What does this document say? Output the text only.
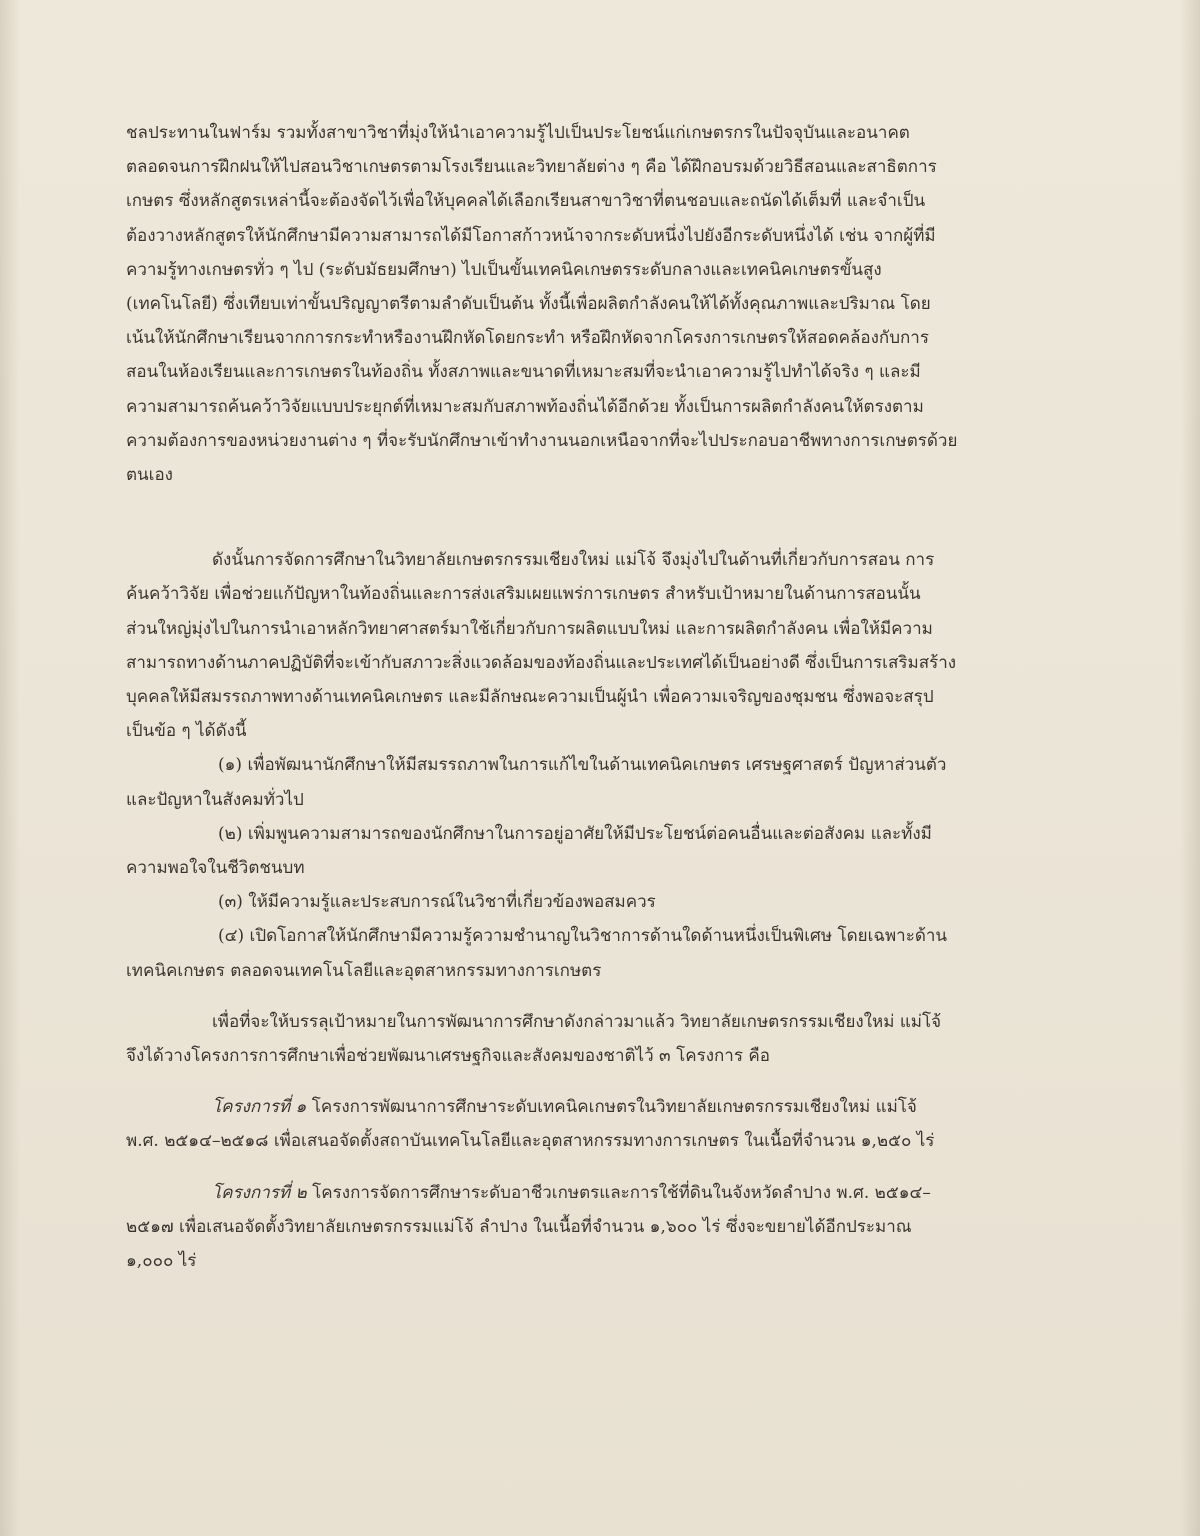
ชลประทานในฟาร์ม รวมทั้งสาขาวิชาที่มุ่งให้นำเอาความรู้ไปเป็นประโยชน์แก่เกษตรกรในปัจจุบันและอนาคต
ตลอดจนการฝึกฝนให้ไปสอนวิชาเกษตรตามโรงเรียนและวิทยาลัยต่าง ๆ คือ ได้ฝึกอบรมด้วยวิธีสอนและสาธิตการ
เกษตร ซึ่งหลักสูตรเหล่านี้จะต้องจัดไว้เพื่อให้บุคคลได้เลือกเรียนสาขาวิชาที่ตนชอบและถนัดได้เต็มที่ และจำเป็น
ต้องวางหลักสูตรให้นักศึกษามีความสามารถได้มีโอกาสก้าวหน้าจากระดับหนึ่งไปยังอีกระดับหนึ่งได้ เช่น จากผู้ที่มี
ความรู้ทางเกษตรทั่ว ๆ ไป (ระดับมัธยมศึกษา) ไปเป็นขั้นเทคนิคเกษตรระดับกลางและเทคนิคเกษตรขั้นสูง
(เทคโนโลยี) ซึ่งเทียบเท่าขั้นปริญญาตรีตามลำดับเป็นต้น ทั้งนี้เพื่อผลิตกำลังคนให้ได้ทั้งคุณภาพและปริมาณ โดย
เน้นให้นักศึกษาเรียนจากการกระทำหรืองานฝึกหัดโดยกระทำ หรือฝึกหัดจากโครงการเกษตรให้สอดคล้องกับการ
สอนในห้องเรียนและการเกษตรในท้องถิ่น ทั้งสภาพและขนาดที่เหมาะสมที่จะนำเอาความรู้ไปทำได้จริง ๆ และมี
ความสามารถค้นคว้าวิจัยแบบประยุกต์ที่เหมาะสมกับสภาพท้องถิ่นได้อีกด้วย ทั้งเป็นการผลิตกำลังคนให้ตรงตาม
ความต้องการของหน่วยงานต่าง ๆ ที่จะรับนักศึกษาเข้าทำงานนอกเหนือจากที่จะไปประกอบอาชีพทางการเกษตรด้วย
ตนเอง
ดังนั้นการจัดการศึกษาในวิทยาลัยเกษตรกรรมเชียงใหม่ แม่โจ้ จึงมุ่งไปในด้านที่เกี่ยวกับการสอน การ
ค้นคว้าวิจัย เพื่อช่วยแก้ปัญหาในท้องถิ่นและการส่งเสริมเผยแพร่การเกษตร สำหรับเป้าหมายในด้านการสอนนั้น
ส่วนใหญ่มุ่งไปในการนำเอาหลักวิทยาศาสตร์มาใช้เกี่ยวกับการผลิตแบบใหม่ และการผลิตกำลังคน เพื่อให้มีความ
สามารถทางด้านภาคปฏิบัติที่จะเข้ากับสภาวะสิ่งแวดล้อมของท้องถิ่นและประเทศได้เป็นอย่างดี ซึ่งเป็นการเสริมสร้าง
บุคคลให้มีสมรรถภาพทางด้านเทคนิคเกษตร และมีลักษณะความเป็นผู้นำ เพื่อความเจริญของชุมชน ซึ่งพอจะสรุป
เป็นข้อ ๆ ได้ดังนี้
(๑) เพื่อพัฒนานักศึกษาให้มีสมรรถภาพในการแก้ไขในด้านเทคนิคเกษตร เศรษฐศาสตร์ ปัญหาส่วนตัว
และปัญหาในสังคมทั่วไป
(๒) เพิ่มพูนความสามารถของนักศึกษาในการอยู่อาศัยให้มีประโยชน์ต่อคนอื่นและต่อสังคม และทั้งมี
ความพอใจในชีวิตชนบท
(๓) ให้มีความรู้และประสบการณ์ในวิชาที่เกี่ยวข้องพอสมควร
(๔) เปิดโอกาสให้นักศึกษามีความรู้ความชำนาญในวิชาการด้านใดด้านหนึ่งเป็นพิเศษ โดยเฉพาะด้าน
เทคนิคเกษตร ตลอดจนเทคโนโลยีและอุตสาหกรรมทางการเกษตร
เพื่อที่จะให้บรรลุเป้าหมายในการพัฒนาการศึกษาดังกล่าวมาแล้ว วิทยาลัยเกษตรกรรมเชียงใหม่ แม่โจ้
จึงได้วางโครงการการศึกษาเพื่อช่วยพัฒนาเศรษฐกิจและสังคมของชาติไว้ ๓ โครงการ คือ
โครงการที่ ๑ โครงการพัฒนาการศึกษาระดับเทคนิคเกษตรในวิทยาลัยเกษตรกรรมเชียงใหม่ แม่โจ้
พ.ศ. ๒๕๑๔–๒๕๑๘ เพื่อเสนอจัดตั้งสถาบันเทคโนโลยีและอุตสาหกรรมทางการเกษตร ในเนื้อที่จำนวน ๑,๒๕๐ ไร่
โครงการที่ ๒ โครงการจัดการศึกษาระดับอาชีวเกษตรและการใช้ที่ดินในจังหวัดลำปาง พ.ศ. ๒๕๑๔–
๒๕๑๗ เพื่อเสนอจัดตั้งวิทยาลัยเกษตรกรรมแม่โจ้ ลำปาง ในเนื้อที่จำนวน ๑,๖๐๐ ไร่ ซึ่งจะขยายได้อีกประมาณ
๑,๐๐๐ ไร่
